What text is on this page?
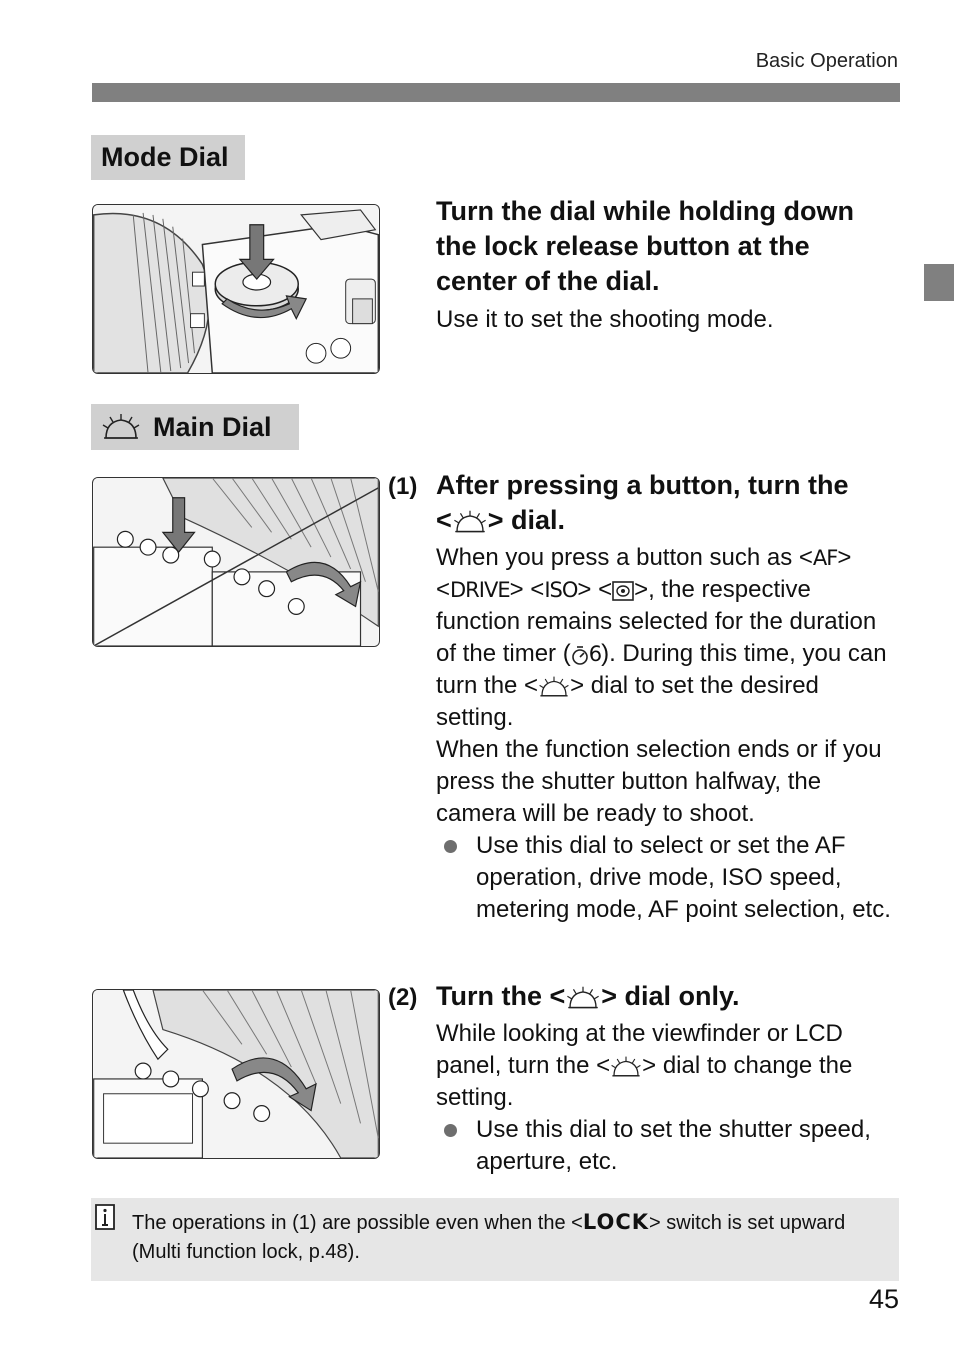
Basic Operation
Mode Dial
Turn the dial while holding down the lock release button at the center of the dial.
Use it to set the shooting mode.
Main Dial
(1) After pressing a button, turn the
< > dial.
When you press a button such as <AF> <DRIVE> <ISO> < >, the respective function remains selected for the duration of the timer ( 6). During this time, you can turn the < > dial to set the desired setting.
When the function selection ends or if you press the shutter button halfway, the camera will be ready to shoot.
Use this dial to select or set the AF operation, drive mode, ISO speed, metering mode, AF point selection, etc.
(2) Turn the < > dial only.
While looking at the viewfinder or LCD panel, turn the < > dial to change the setting.
Use this dial to set the shutter speed, aperture, etc.
The operations in (1) are possible even when the <LOCK> switch is set upward (Multi function lock, p.48).
45
